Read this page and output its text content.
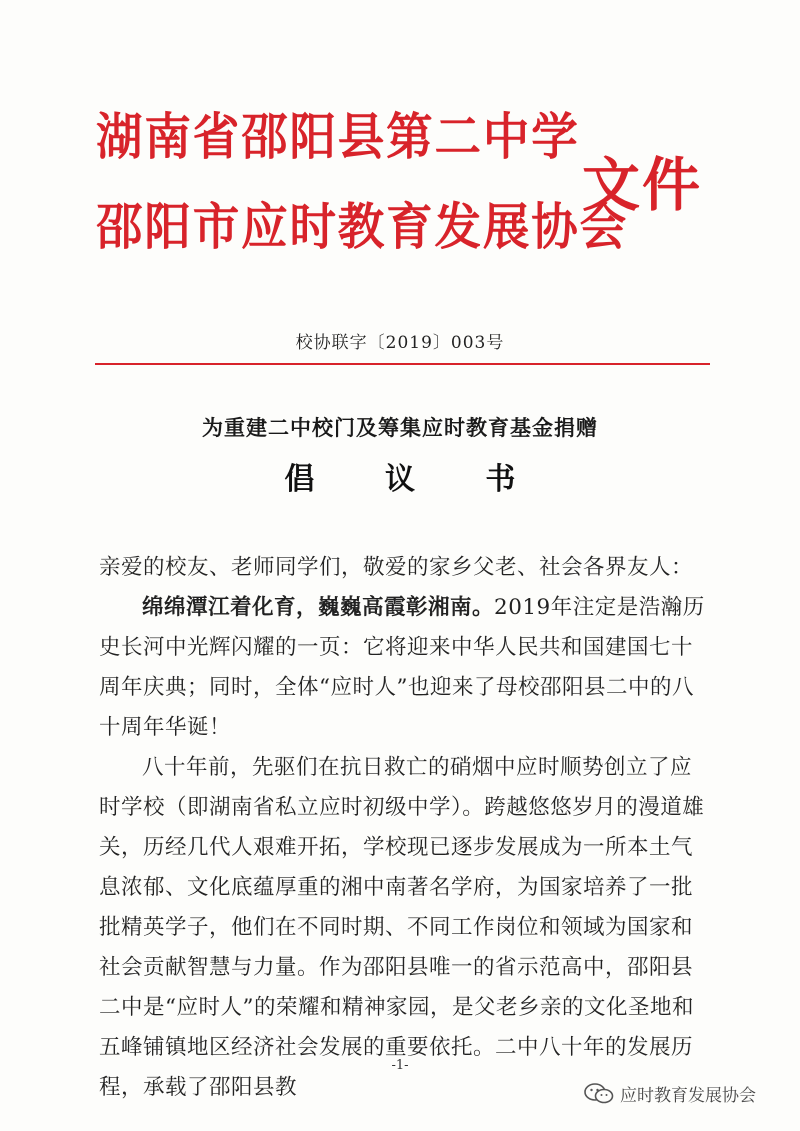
湖南省邵阳县第二中学
邵阳市应时教育发展协会
文件
校协联字〔2019〕003号
为重建二中校门及筹集应时教育基金捐赠
倡 议 书

亲爱的校友、老师同学们，敬爱的家乡父老、社会各界友人：

绵绵潭江着化育，巍巍高霞彰湘南。2019年注定是浩瀚历史长河中光辉闪耀的一页：它将迎来中华人民共和国建国七十周年庆典；同时，全体“应时人”也迎来了母校邵阳县二中的八十周年华诞！

八十年前，先驱们在抗日救亡的硝烟中应时顺势创立了应时学校（即湖南省私立应时初级中学）。跨越悠悠岁月的漫道雄关，历经几代人艰难开拓，学校现已逐步发展成为一所本土气息浓郁、文化底蕴厚重的湘中南著名学府，为国家培养了一批批精英学子，他们在不同时期、不同工作岗位和领域为国家和社会贡献智慧与力量。作为邵阳县唯一的省示范高中，邵阳县二中是“应时人”的荣耀和精神家园，是父老乡亲的文化圣地和五峰铺镇地区经济社会发展的重要依托。二中八十年的发展历程，承载了邵阳县教

-1-
应时教育发展协会
